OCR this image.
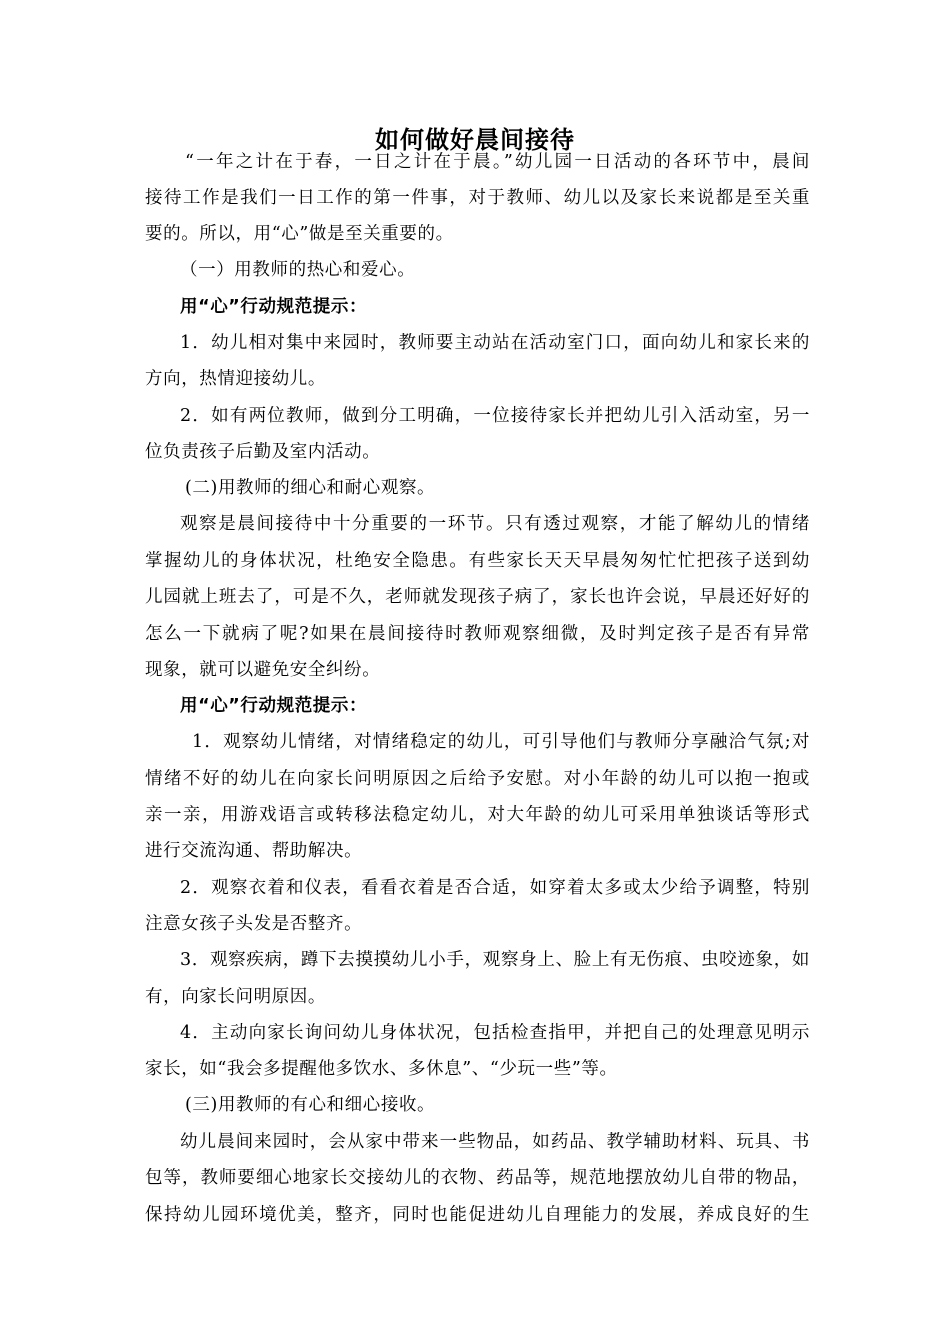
如何做好晨间接待
“一年之计在于春，一日之计在于晨。”幼儿园一日活动的各环节中，晨间
接待工作是我们一日工作的第一件事，对于教师、幼儿以及家长来说都是至关重
要的。所以，用“心”做是至关重要的。
（一）用教师的热心和爱心。
用“心”行动规范提示：
1．幼儿相对集中来园时，教师要主动站在活动室门口，面向幼儿和家长来的
方向，热情迎接幼儿。
2．如有两位教师，做到分工明确，一位接待家长并把幼儿引入活动室，另一
位负责孩子后勤及室内活动。
(二)用教师的细心和耐心观察。
观察是晨间接待中十分重要的一环节。只有透过观察，才能了解幼儿的情绪
掌握幼儿的身体状况，杜绝安全隐患。有些家长天天早晨匆匆忙忙把孩子送到幼
儿园就上班去了，可是不久，老师就发现孩子病了，家长也许会说，早晨还好好的
怎么一下就病了呢?如果在晨间接待时教师观察细微，及时判定孩子是否有异常
现象，就可以避免安全纠纷。
用“心”行动规范提示：
1．观察幼儿情绪，对情绪稳定的幼儿，可引导他们与教师分享融洽气氛;对
情绪不好的幼儿在向家长问明原因之后给予安慰。对小年龄的幼儿可以抱一抱或
亲一亲，用游戏语言或转移法稳定幼儿，对大年龄的幼儿可采用单独谈话等形式
进行交流沟通、帮助解决。
2．观察衣着和仪表，看看衣着是否合适，如穿着太多或太少给予调整，特别
注意女孩子头发是否整齐。
3．观察疾病，蹲下去摸摸幼儿小手，观察身上、脸上有无伤痕、虫咬迹象，如
有，向家长问明原因。
4．主动向家长询问幼儿身体状况，包括检查指甲，并把自己的处理意见明示
家长，如“我会多提醒他多饮水、多休息”、“少玩一些”等。
(三)用教师的有心和细心接收。
幼儿晨间来园时，会从家中带来一些物品，如药品、教学辅助材料、玩具、书
包等，教师要细心地家长交接幼儿的衣物、药品等，规范地摆放幼儿自带的物品，
保持幼儿园环境优美，整齐，同时也能促进幼儿自理能力的发展，养成良好的生
